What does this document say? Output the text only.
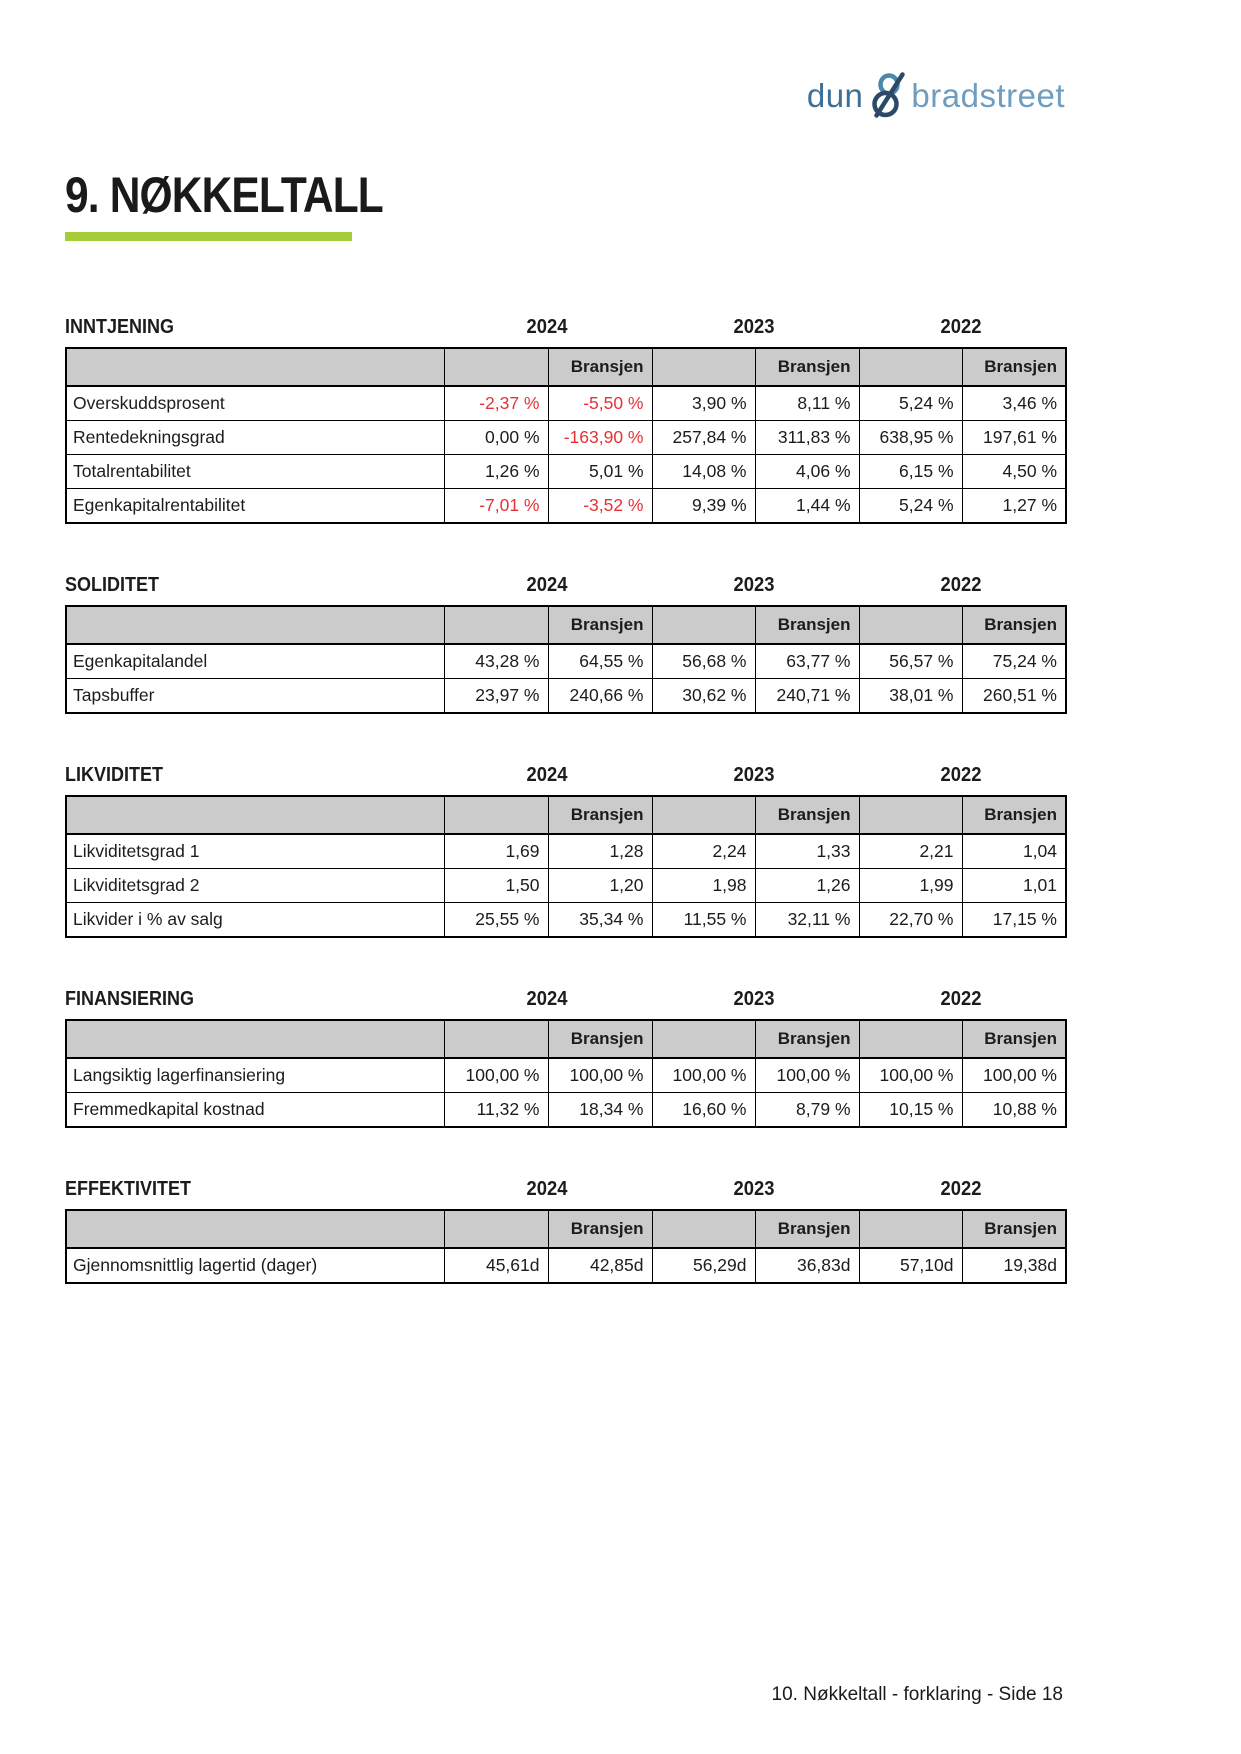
dun bradstreet
9. NØKKELTALL
INNTJENING	2024	2023	2022
		Bransjen		Bransjen		Bransjen
Overskuddsprosent	-2,37 %	-5,50 %	3,90 %	8,11 %	5,24 %	3,46 %
Rentedekningsgrad	0,00 %	-163,90 %	257,84 %	311,83 %	638,95 %	197,61 %
Totalrentabilitet	1,26 %	5,01 %	14,08 %	4,06 %	6,15 %	4,50 %
Egenkapitalrentabilitet	-7,01 %	-3,52 %	9,39 %	1,44 %	5,24 %	1,27 %
SOLIDITET	2024	2023	2022
		Bransjen		Bransjen		Bransjen
Egenkapitalandel	43,28 %	64,55 %	56,68 %	63,77 %	56,57 %	75,24 %
Tapsbuffer	23,97 %	240,66 %	30,62 %	240,71 %	38,01 %	260,51 %
LIKVIDITET	2024	2023	2022
		Bransjen		Bransjen		Bransjen
Likviditetsgrad 1	1,69	1,28	2,24	1,33	2,21	1,04
Likviditetsgrad 2	1,50	1,20	1,98	1,26	1,99	1,01
Likvider i % av salg	25,55 %	35,34 %	11,55 %	32,11 %	22,70 %	17,15 %
FINANSIERING	2024	2023	2022
		Bransjen		Bransjen		Bransjen
Langsiktig lagerfinansiering	100,00 %	100,00 %	100,00 %	100,00 %	100,00 %	100,00 %
Fremmedkapital kostnad	11,32 %	18,34 %	16,60 %	8,79 %	10,15 %	10,88 %
EFFEKTIVITET	2024	2023	2022
		Bransjen		Bransjen		Bransjen
Gjennomsnittlig lagertid (dager)	45,61d	42,85d	56,29d	36,83d	57,10d	19,38d
10. Nøkkeltall - forklaring - Side 18
